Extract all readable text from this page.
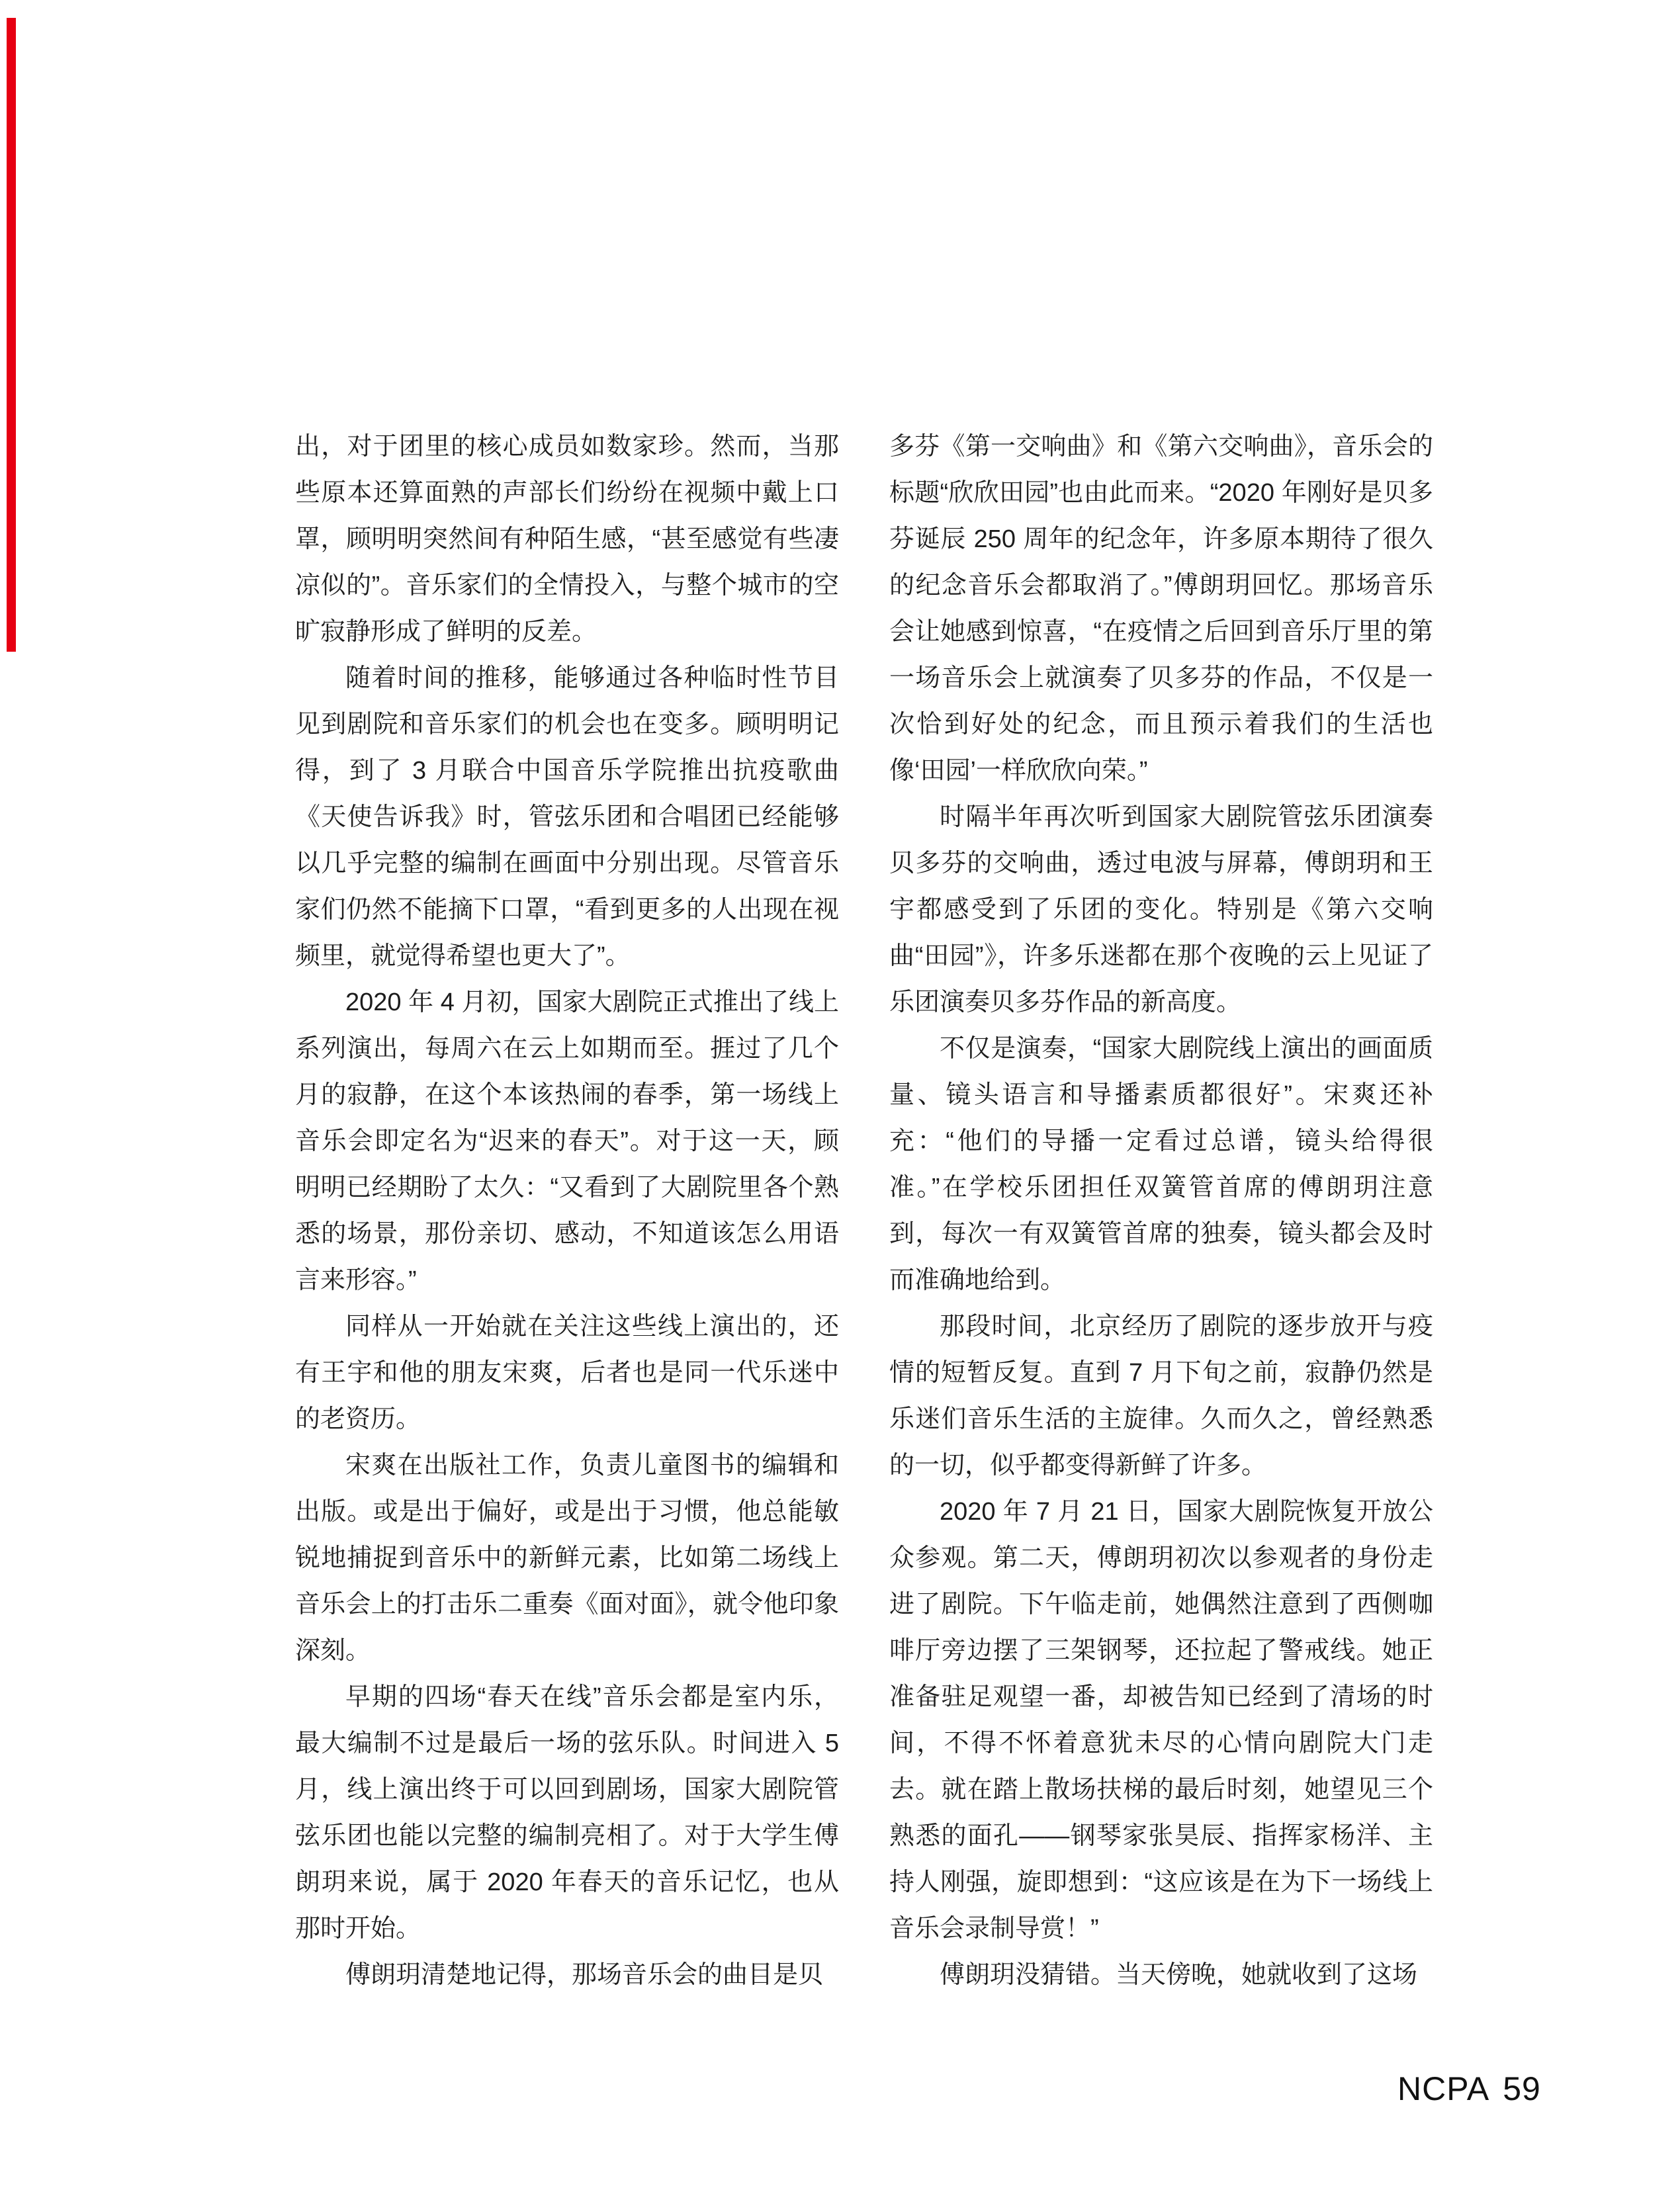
出，对于团里的核心成员如数家珍。然而，当那些原本还算面熟的声部长们纷纷在视频中戴上口罩，顾明明突然间有种陌生感，“甚至感觉有些凄凉似的”。音乐家们的全情投入，与整个城市的空旷寂静形成了鲜明的反差。

随着时间的推移，能够通过各种临时性节目见到剧院和音乐家们的机会也在变多。顾明明记得，到了 3 月联合中国音乐学院推出抗疫歌曲《天使告诉我》时，管弦乐团和合唱团已经能够以几乎完整的编制在画面中分别出现。尽管音乐家们仍然不能摘下口罩，“看到更多的人出现在视频里，就觉得希望也更大了”。

2020 年 4 月初，国家大剧院正式推出了线上系列演出，每周六在云上如期而至。捱过了几个月的寂静，在这个本该热闹的春季，第一场线上音乐会即定名为“迟来的春天”。对于这一天，顾明明已经期盼了太久：“又看到了大剧院里各个熟悉的场景，那份亲切、感动，不知道该怎么用语言来形容。”

同样从一开始就在关注这些线上演出的，还有王宇和他的朋友宋爽，后者也是同一代乐迷中的老资历。

宋爽在出版社工作，负责儿童图书的编辑和出版。或是出于偏好，或是出于习惯，他总能敏锐地捕捉到音乐中的新鲜元素，比如第二场线上音乐会上的打击乐二重奏《面对面》，就令他印象深刻。

早期的四场“春天在线”音乐会都是室内乐，最大编制不过是最后一场的弦乐队。时间进入 5 月，线上演出终于可以回到剧场，国家大剧院管弦乐团也能以完整的编制亮相了。对于大学生傅朗玥来说，属于 2020 年春天的音乐记忆，也从那时开始。

傅朗玥清楚地记得，那场音乐会的曲目是贝

多芬《第一交响曲》和《第六交响曲》，音乐会的标题“欣欣田园”也由此而来。“2020 年刚好是贝多芬诞辰 250 周年的纪念年，许多原本期待了很久的纪念音乐会都取消了。”傅朗玥回忆。那场音乐会让她感到惊喜，“在疫情之后回到音乐厅里的第一场音乐会上就演奏了贝多芬的作品，不仅是一次恰到好处的纪念，而且预示着我们的生活也像‘田园’一样欣欣向荣。”

时隔半年再次听到国家大剧院管弦乐团演奏贝多芬的交响曲，透过电波与屏幕，傅朗玥和王宇都感受到了乐团的变化。特别是《第六交响曲“田园”》，许多乐迷都在那个夜晚的云上见证了乐团演奏贝多芬作品的新高度。

不仅是演奏，“国家大剧院线上演出的画面质量、镜头语言和导播素质都很好”。宋爽还补充：“他们的导播一定看过总谱，镜头给得很准。”在学校乐团担任双簧管首席的傅朗玥注意到，每次一有双簧管首席的独奏，镜头都会及时而准确地给到。

那段时间，北京经历了剧院的逐步放开与疫情的短暂反复。直到 7 月下旬之前，寂静仍然是乐迷们音乐生活的主旋律。久而久之，曾经熟悉的一切，似乎都变得新鲜了许多。

2020 年 7 月 21 日，国家大剧院恢复开放公众参观。第二天，傅朗玥初次以参观者的身份走进了剧院。下午临走前，她偶然注意到了西侧咖啡厅旁边摆了三架钢琴，还拉起了警戒线。她正准备驻足观望一番，却被告知已经到了清场的时间，不得不怀着意犹未尽的心情向剧院大门走去。就在踏上散场扶梯的最后时刻，她望见三个熟悉的面孔——钢琴家张昊辰、指挥家杨洋、主持人刚强，旋即想到：“这应该是在为下一场线上音乐会录制导赏！”

傅朗玥没猜错。当天傍晚，她就收到了这场

NCPA 59
